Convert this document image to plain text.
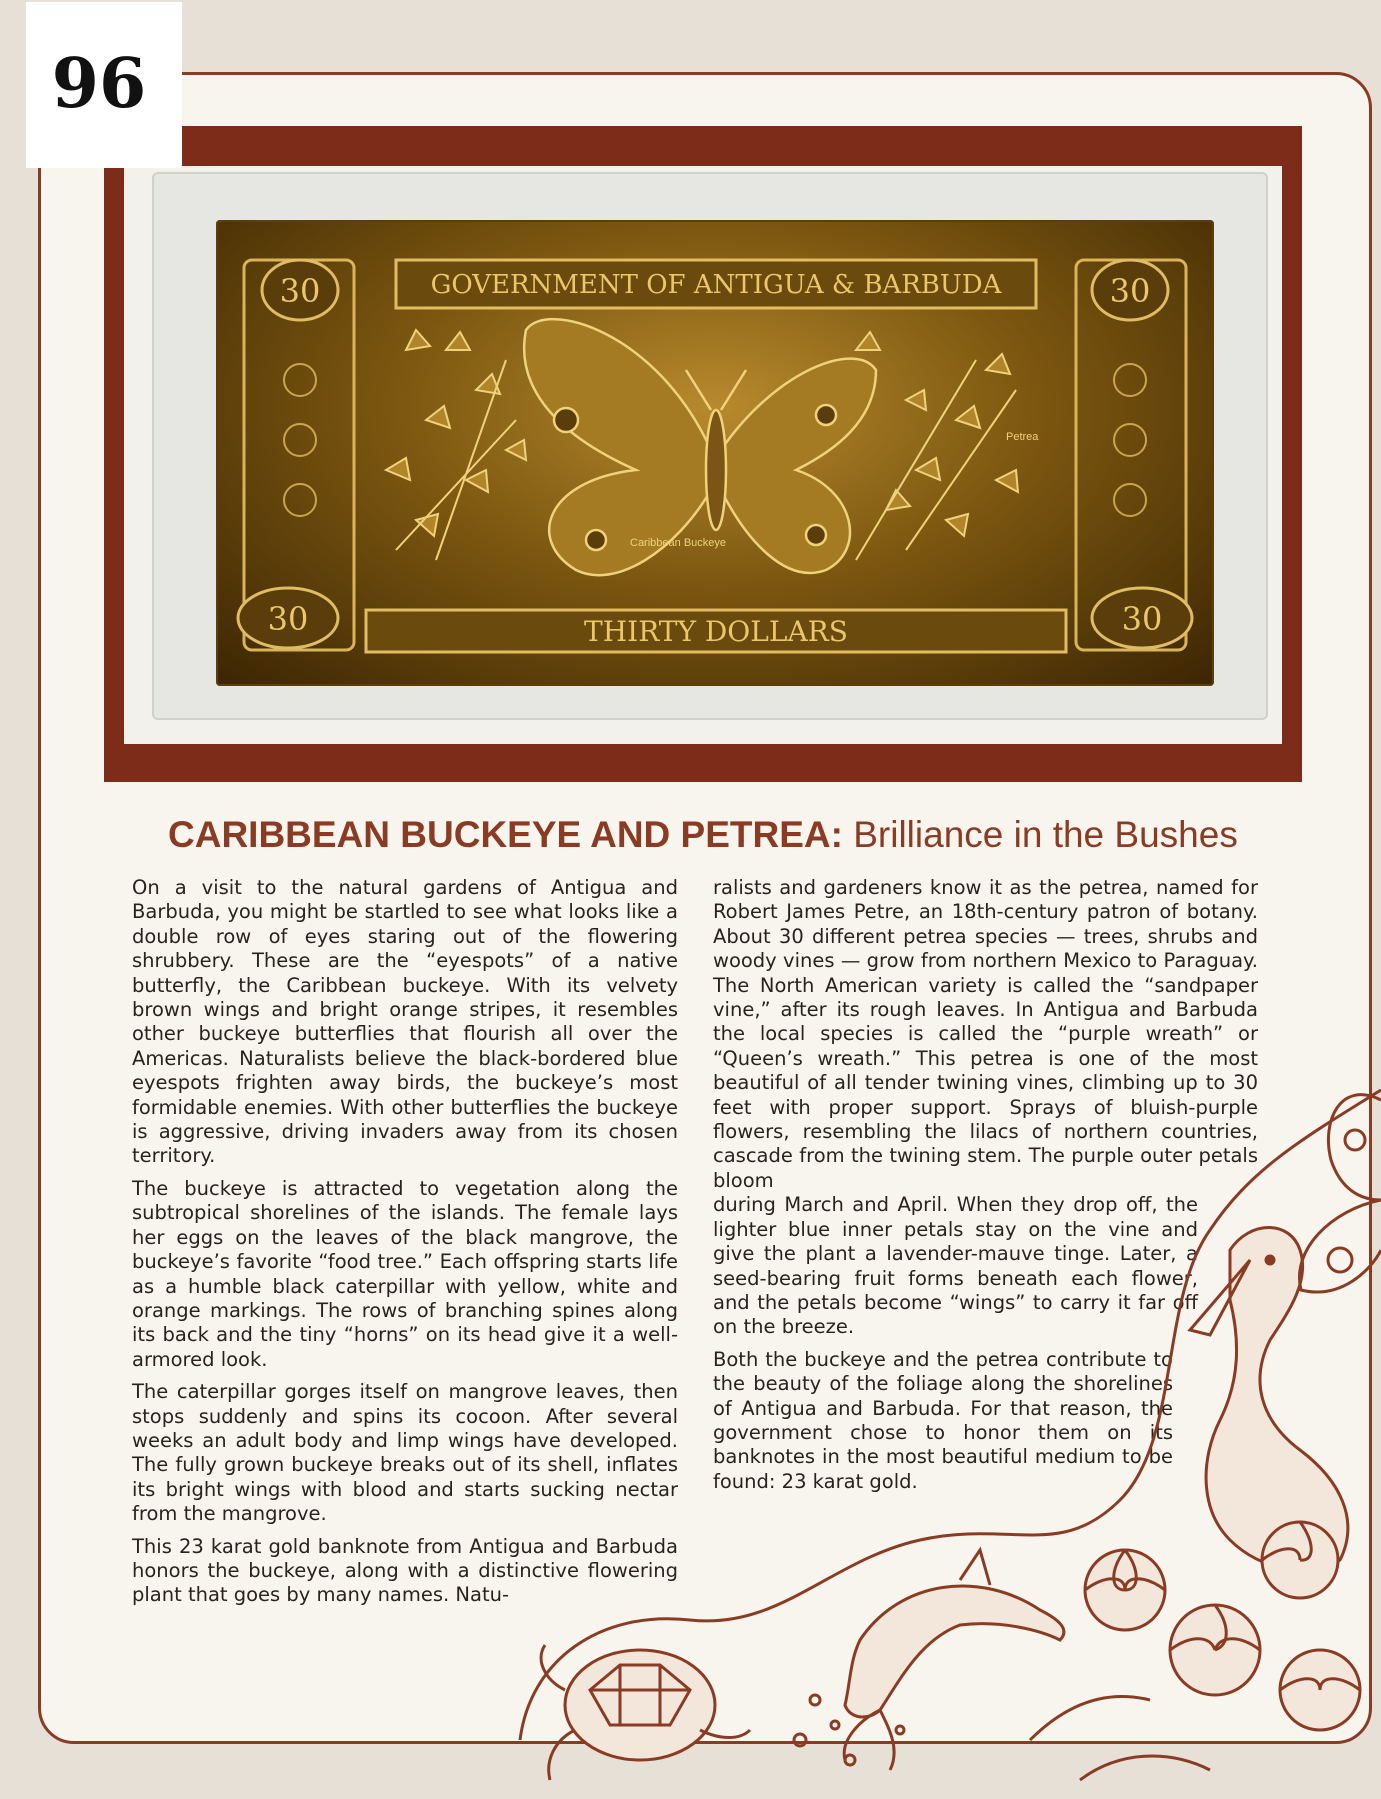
96
GOVERNMENT OF ANTIGUA & BARBUDA
THIRTY DOLLARS
30	30
30	30
Caribbean Buckeye
Petrea
CARIBBEAN BUCKEYE AND PETREA: Brilliance in the Bushes

On a visit to the natural gardens of Antigua and Barbuda, you might be startled to see what looks like a double row of eyes staring out of the flowering shrubbery. These are the “eyespots” of a native butterfly, the Caribbean buckeye. With its velvety brown wings and bright orange stripes, it resembles other buckeye butterflies that flourish all over the Americas. Naturalists believe the black-bordered blue eyespots frighten away birds, the buckeye’s most formidable enemies. With other butterflies the buckeye is aggressive, driving invaders away from its chosen territory.

The buckeye is attracted to vegetation along the subtropical shorelines of the islands. The female lays her eggs on the leaves of the black mangrove, the buckeye’s favorite “food tree.” Each offspring starts life as a humble black caterpillar with yellow, white and orange markings. The rows of branching spines along its back and the tiny “horns” on its head give it a well-armored look.

The caterpillar gorges itself on mangrove leaves, then stops suddenly and spins its cocoon. After several weeks an adult body and limp wings have developed. The fully grown buckeye breaks out of its shell, inflates its bright wings with blood and starts sucking nectar from the mangrove.

This 23 karat gold banknote from Antigua and Barbuda honors the buckeye, along with a distinctive flowering plant that goes by many names. Natu-

ralists and gardeners know it as the petrea, named for Robert James Petre, an 18th-century patron of botany. About 30 different petrea species — trees, shrubs and woody vines — grow from northern Mexico to Paraguay. The North American variety is called the “sandpaper vine,” after its rough leaves. In Antigua and Barbuda the local species is called the “purple wreath” or “Queen’s wreath.” This petrea is one of the most beautiful of all tender twining vines, climbing up to 30 feet with proper support. Sprays of bluish-purple flowers, resembling the lilacs of northern countries, cascade from the twining stem. The purple outer petals bloom

during March and April. When they drop off, the lighter blue inner petals stay on the vine and give the plant a lavender-mauve tinge. Later, a seed-bearing fruit forms beneath each flower, and the petals become “wings” to carry it far off on the breeze.

Both the buckeye and the petrea contribute to the beauty of the foliage along the shorelines of Antigua and Barbuda. For that reason, the government chose to honor them on its banknotes in the most beautiful medium to be found: 23 karat gold.
